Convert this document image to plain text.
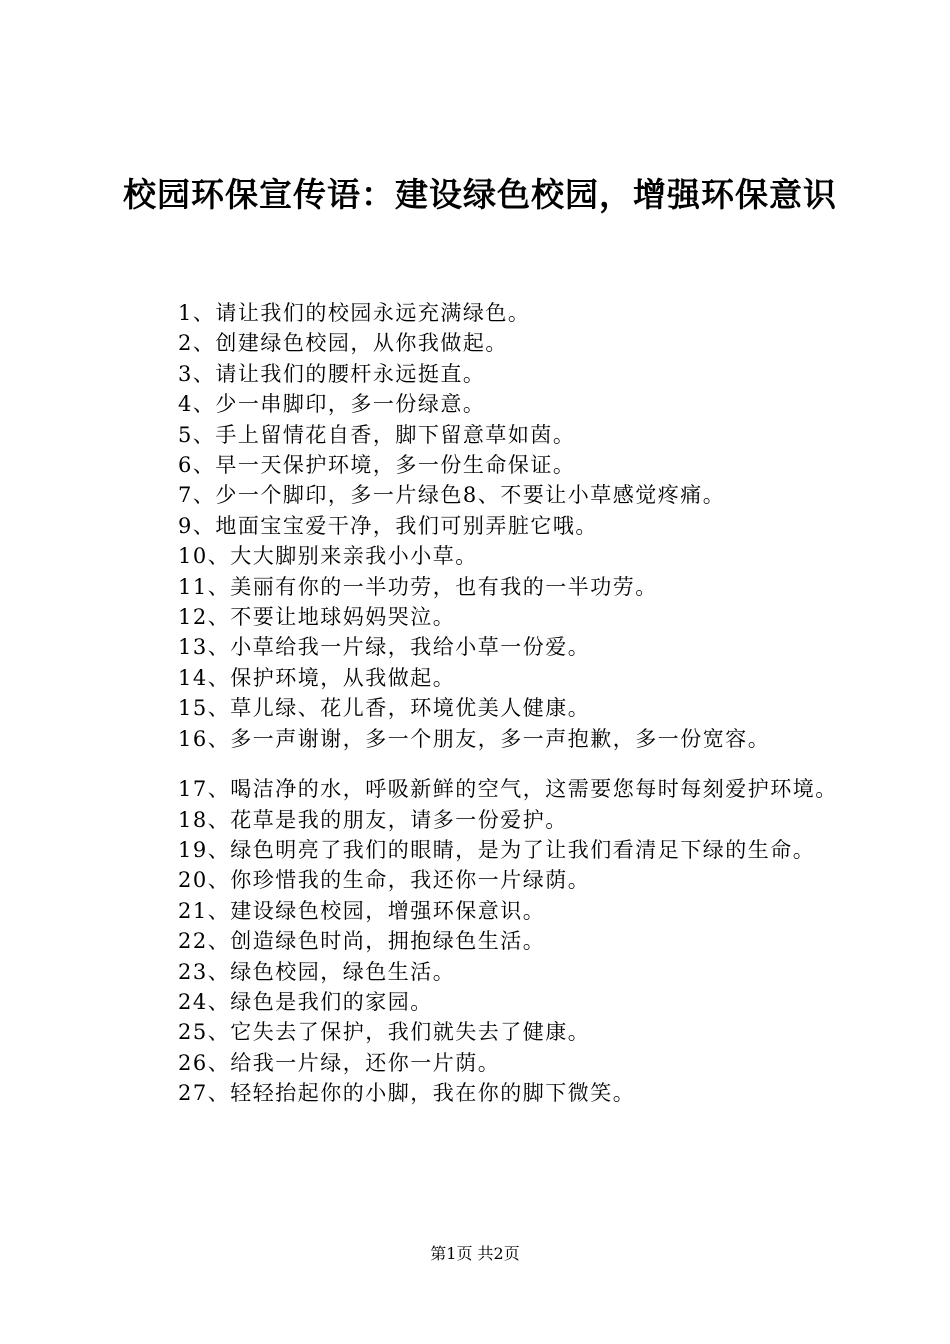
校园环保宣传语：建设绿色校园，增强环保意识

1、请让我们的校园永远充满绿色。

2、创建绿色校园，从你我做起。

3、请让我们的腰杆永远挺直。

4、少一串脚印，多一份绿意。

5、手上留情花自香，脚下留意草如茵。

6、早一天保护环境，多一份生命保证。

7、少一个脚印，多一片绿色8、不要让小草感觉疼痛。

9、地面宝宝爱干净，我们可别弄脏它哦。

10、大大脚别来亲我小小草。

11、美丽有你的一半功劳，也有我的一半功劳。

12、不要让地球妈妈哭泣。

13、小草给我一片绿，我给小草一份爱。

14、保护环境，从我做起。

15、草儿绿、花儿香，环境优美人健康。

16、多一声谢谢，多一个朋友，多一声抱歉，多一份宽容。

17、喝洁净的水，呼吸新鲜的空气，这需要您每时每刻爱护环境。

18、花草是我的朋友，请多一份爱护。

19、绿色明亮了我们的眼睛，是为了让我们看清足下绿的生命。

20、你珍惜我的生命，我还你一片绿荫。

21、建设绿色校园，增强环保意识。

22、创造绿色时尚，拥抱绿色生活。

23、绿色校园，绿色生活。

24、绿色是我们的家园。

25、它失去了保护，我们就失去了健康。

26、给我一片绿，还你一片荫。

27、轻轻抬起你的小脚，我在你的脚下微笑。

第1页 共2页
